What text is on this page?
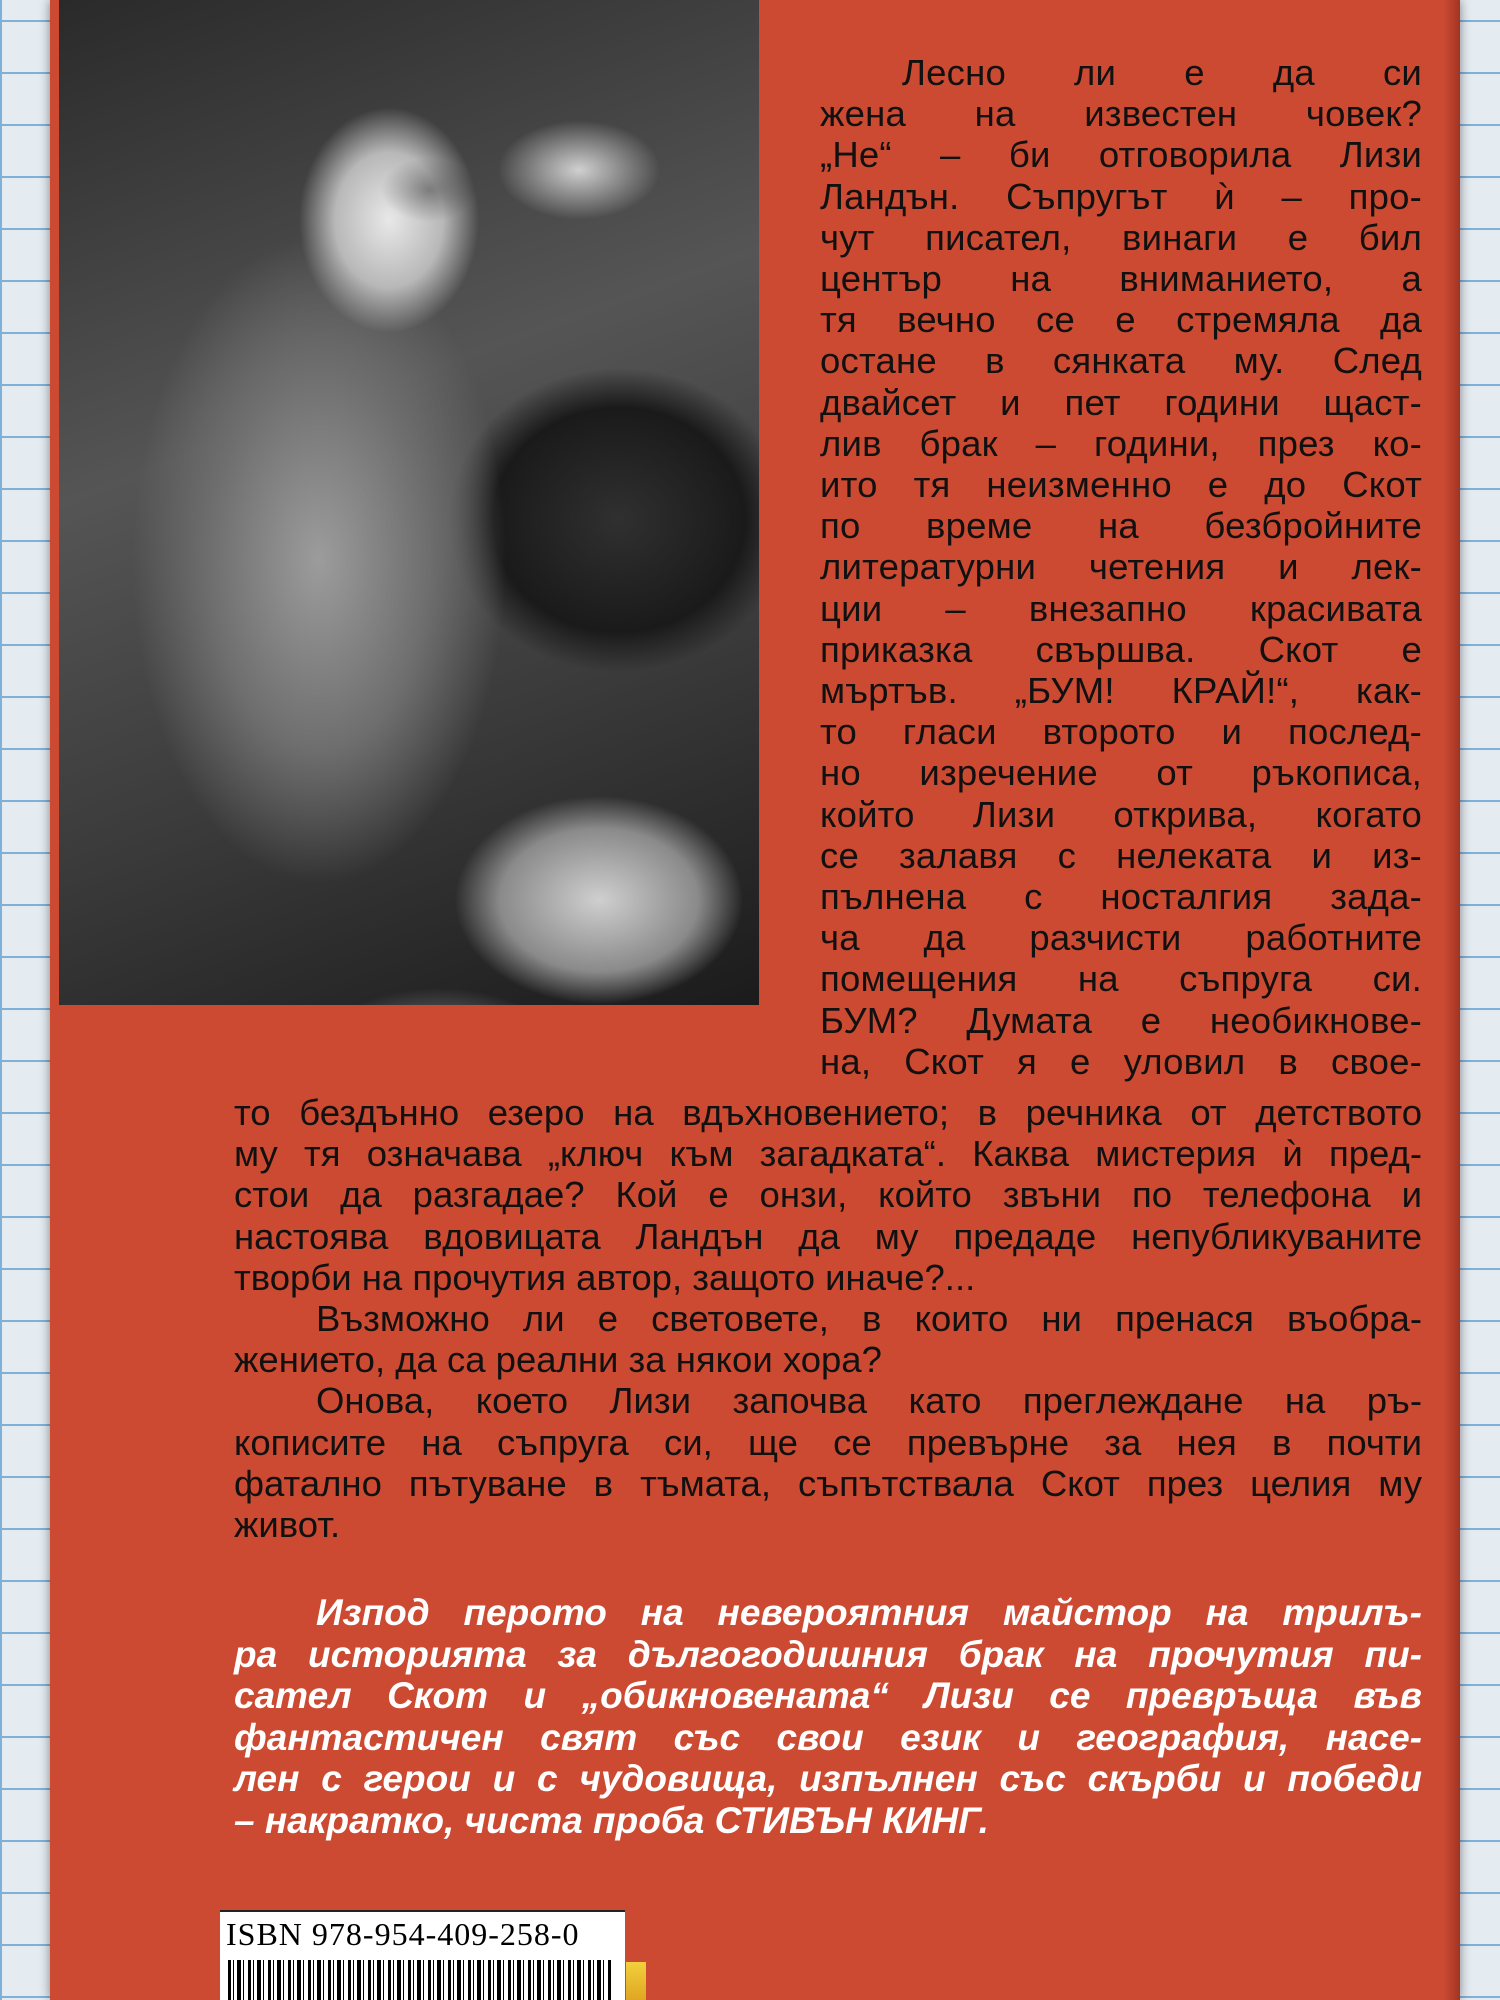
Лесно ли е да си
жена на известен човек?
„Не“ – би отговорила Лизи
Ландън. Съпругът ѝ – про-
чут писател, винаги е бил
център на вниманието, а
тя вечно се е стремяла да
остане в сянката му. След
двайсет и пет години щаст-
лив брак – години, през ко-
ито тя неизменно е до Скот
по време на безбройните
литературни четения и лек-
ции – внезапно красивата
приказка свършва. Скот е
мъртъв. „БУМ! КРАЙ!“, как-
то гласи второто и послед-
но изречение от ръкописа,
който Лизи открива, когато
се залавя с нелеката и из-
пълнена с носталгия зада-
ча да разчисти работните
помещения на съпруга си.
БУМ? Думата е необикнове-
на, Скот я е уловил в свое-
то бездънно езеро на вдъхновението; в речника от детството
му тя означава „ключ към загадката“. Каква мистерия ѝ пред-
стои да разгадае? Кой е онзи, който звъни по телефона и
настоява вдовицата Ландън да му предаде непубликуваните
творби на прочутия автор, защото иначе?...
Възможно ли е световете, в които ни пренася въобра-
жението, да са реални за някои хора?
Онова, което Лизи започва като преглеждане на ръ-
кописите на съпруга си, ще се превърне за нея в почти
фатално пътуване в тъмата, съпътствала Скот през целия му
живот.
Изпод перото на невероятния майстор на трилъ-
ра историята за дългогодишния брак на прочутия пи-
сател Скот и „обикновената“ Лизи се превръща във
фантастичен свят със свои език и география, насе-
лен с герои и с чудовища, изпълнен със скърби и победи
– накратко, чиста проба СТИВЪН КИНГ.
ISBN 978-954-409-258-0
